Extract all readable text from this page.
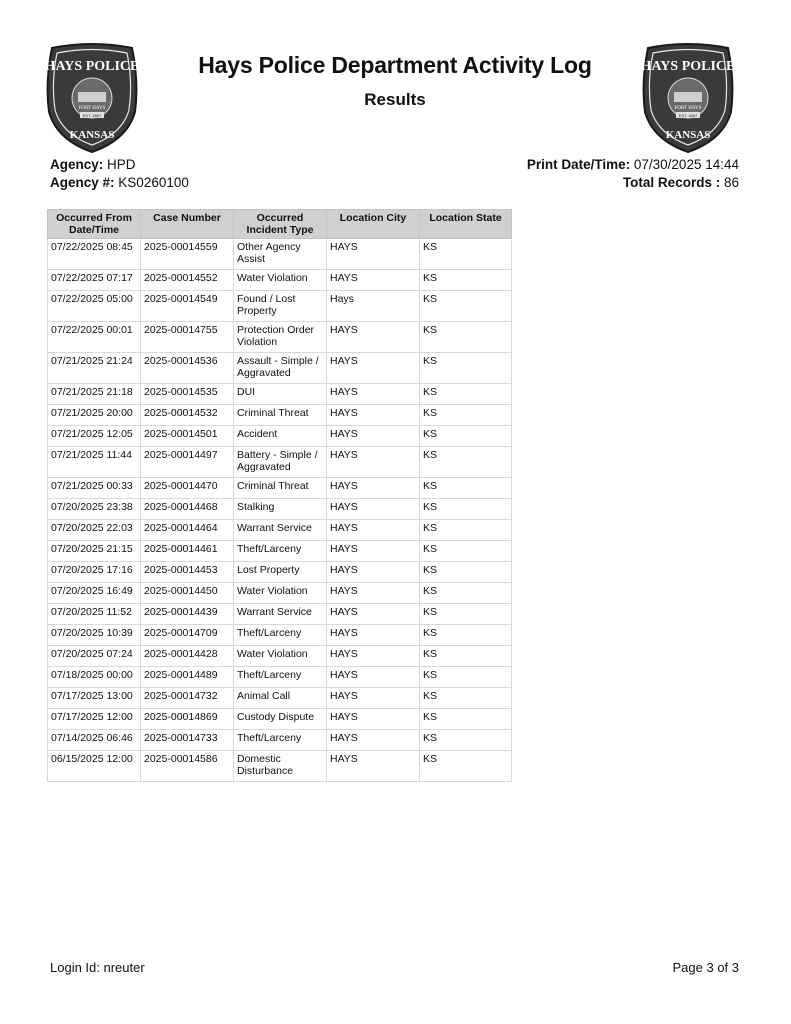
HAYS POLICE
FORT HAYS
EST. 1867
KANSAS
HAYS POLICE
FORT HAYS
EST. 1867
KANSAS
Hays Police Department Activity Log
Results
Agency: HPD
Agency #: KS0260100
Print Date/Time: 07/30/2025 14:44
Total Records : 86
Occurred From Date/Time	Case Number	Occurred Incident Type	Location City	Location State
07/22/2025 08:45	2025-00014559	Other Agency Assist	HAYS	KS
07/22/2025 07:17	2025-00014552	Water Violation	HAYS	KS
07/22/2025 05:00	2025-00014549	Found / Lost Property	Hays	KS
07/22/2025 00:01	2025-00014755	Protection Order Violation	HAYS	KS
07/21/2025 21:24	2025-00014536	Assault - Simple / Aggravated	HAYS	KS
07/21/2025 21:18	2025-00014535	DUI	HAYS	KS
07/21/2025 20:00	2025-00014532	Criminal Threat	HAYS	KS
07/21/2025 12:05	2025-00014501	Accident	HAYS	KS
07/21/2025 11:44	2025-00014497	Battery - Simple / Aggravated	HAYS	KS
07/21/2025 00:33	2025-00014470	Criminal Threat	HAYS	KS
07/20/2025 23:38	2025-00014468	Stalking	HAYS	KS
07/20/2025 22:03	2025-00014464	Warrant Service	HAYS	KS
07/20/2025 21:15	2025-00014461	Theft/Larceny	HAYS	KS
07/20/2025 17:16	2025-00014453	Lost Property	HAYS	KS
07/20/2025 16:49	2025-00014450	Water Violation	HAYS	KS
07/20/2025 11:52	2025-00014439	Warrant Service	HAYS	KS
07/20/2025 10:39	2025-00014709	Theft/Larceny	HAYS	KS
07/20/2025 07:24	2025-00014428	Water Violation	HAYS	KS
07/18/2025 00:00	2025-00014489	Theft/Larceny	HAYS	KS
07/17/2025 13:00	2025-00014732	Animal Call	HAYS	KS
07/17/2025 12:00	2025-00014869	Custody Dispute	HAYS	KS
07/14/2025 06:46	2025-00014733	Theft/Larceny	HAYS	KS
06/15/2025 12:00	2025-00014586	Domestic Disturbance	HAYS	KS
Login Id: nreuter	Page 3 of 3
